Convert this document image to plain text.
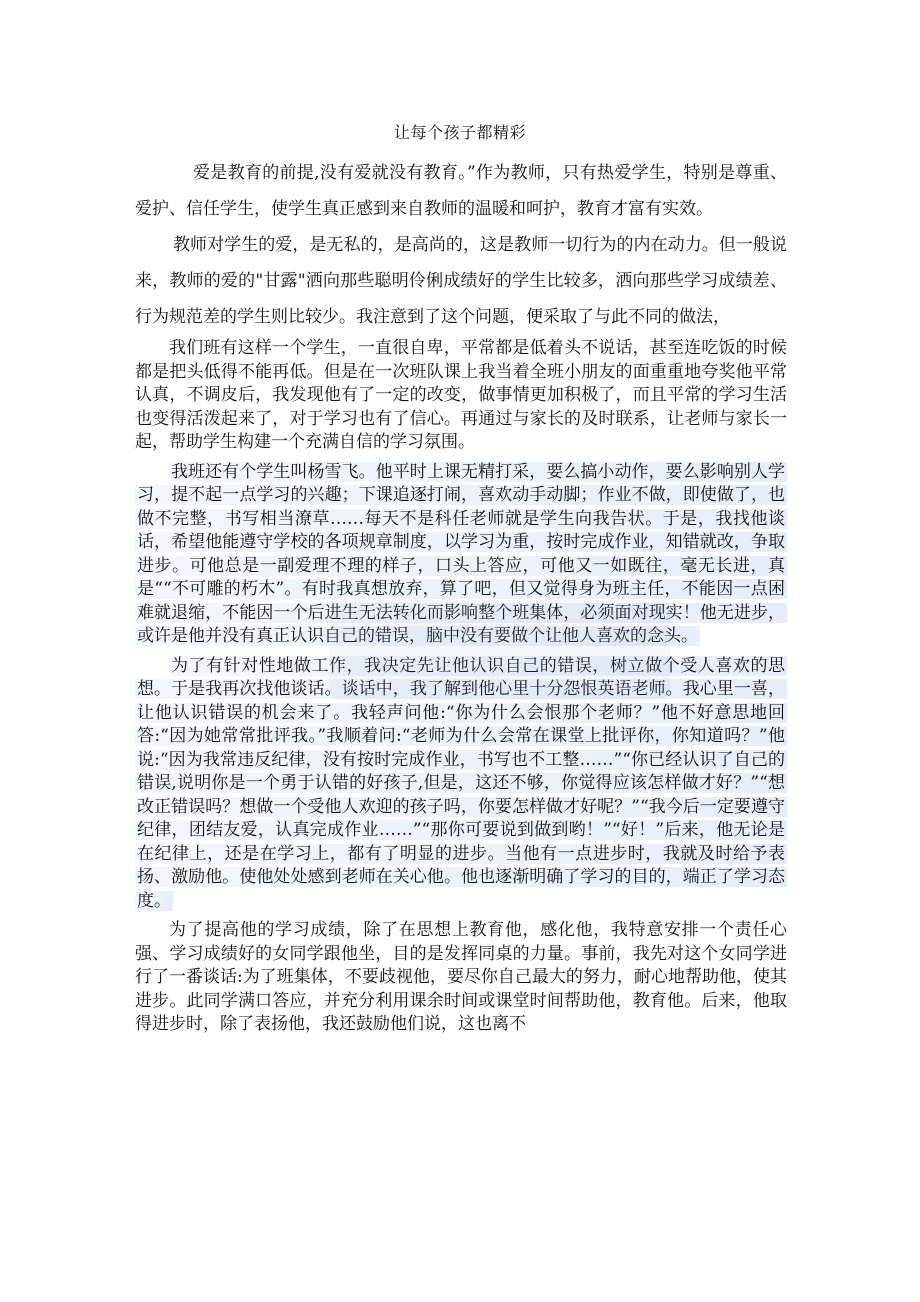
让每个孩子都精彩

爱是教育的前提,没有爱就没有教育。”作为教师，只有热爱学生，特别是尊重、爱护、信任学生，使学生真正感到来自教师的温暖和呵护，教育才富有实效。

教师对学生的爱，是无私的，是高尚的，这是教师一切行为的内在动力。但一般说来，教师的爱的"甘露"洒向那些聪明伶俐成绩好的学生比较多，洒向那些学习成绩差、行为规范差的学生则比较少。我注意到了这个问题，便采取了与此不同的做法，

我们班有这样一个学生，一直很自卑，平常都是低着头不说话，甚至连吃饭的时候都是把头低得不能再低。但是在一次班队课上我当着全班小朋友的面重重地夸奖他平常认真，不调皮后，我发现他有了一定的改变，做事情更加积极了，而且平常的学习生活也变得活泼起来了，对于学习也有了信心。再通过与家长的及时联系，让老师与家长一起，帮助学生构建一个充满自信的学习氛围。

我班还有个学生叫杨雪飞。他平时上课无精打采，要么搞小动作，要么影响别人学习，提不起一点学习的兴趣；下课追逐打闹，喜欢动手动脚；作业不做，即使做了，也做不完整，书写相当潦草……每天不是科任老师就是学生向我告状。于是，我找他谈话，希望他能遵守学校的各项规章制度，以学习为重，按时完成作业，知错就改，争取进步。可他总是一副爱理不理的样子，口头上答应，可他又一如既往，毫无长进，真是““不可雕的朽木”。有时我真想放弃，算了吧，但又觉得身为班主任，不能因一点困难就退缩，不能因一个后进生无法转化而影响整个班集体，必须面对现实！他无进步，或许是他并没有真正认识自己的错误，脑中没有要做个让他人喜欢的念头。

为了有针对性地做工作，我决定先让他认识自己的错误，树立做个受人喜欢的思想。于是我再次找他谈话。谈话中，我了解到他心里十分怨恨英语老师。我心里一喜，让他认识错误的机会来了。我轻声问他:“你为什么会恨那个老师？”他不好意思地回答:“因为她常常批评我。”我顺着问:“老师为什么会常在课堂上批评你，你知道吗？”他说:“因为我常违反纪律，没有按时完成作业，书写也不工整……”“你已经认识了自己的错误,说明你是一个勇于认错的好孩子,但是，这还不够，你觉得应该怎样做才好？”“想改正错误吗？想做一个受他人欢迎的孩子吗，你要怎样做才好呢？”“我今后一定要遵守纪律，团结友爱，认真完成作业……”“那你可要说到做到哟！”“好！”后来，他无论是在纪律上，还是在学习上，都有了明显的进步。当他有一点进步时，我就及时给予表扬、激励他。使他处处感到老师在关心他。他也逐渐明确了学习的目的，端正了学习态度。

为了提高他的学习成绩，除了在思想上教育他，感化他，我特意安排一个责任心强、学习成绩好的女同学跟他坐，目的是发挥同桌的力量。事前，我先对这个女同学进行了一番谈话:为了班集体，不要歧视他，要尽你自己最大的努力，耐心地帮助他，使其进步。此同学满口答应，并充分利用课余时间或课堂时间帮助他，教育他。后来，他取得进步时，除了表扬他，我还鼓励他们说，这也离不
